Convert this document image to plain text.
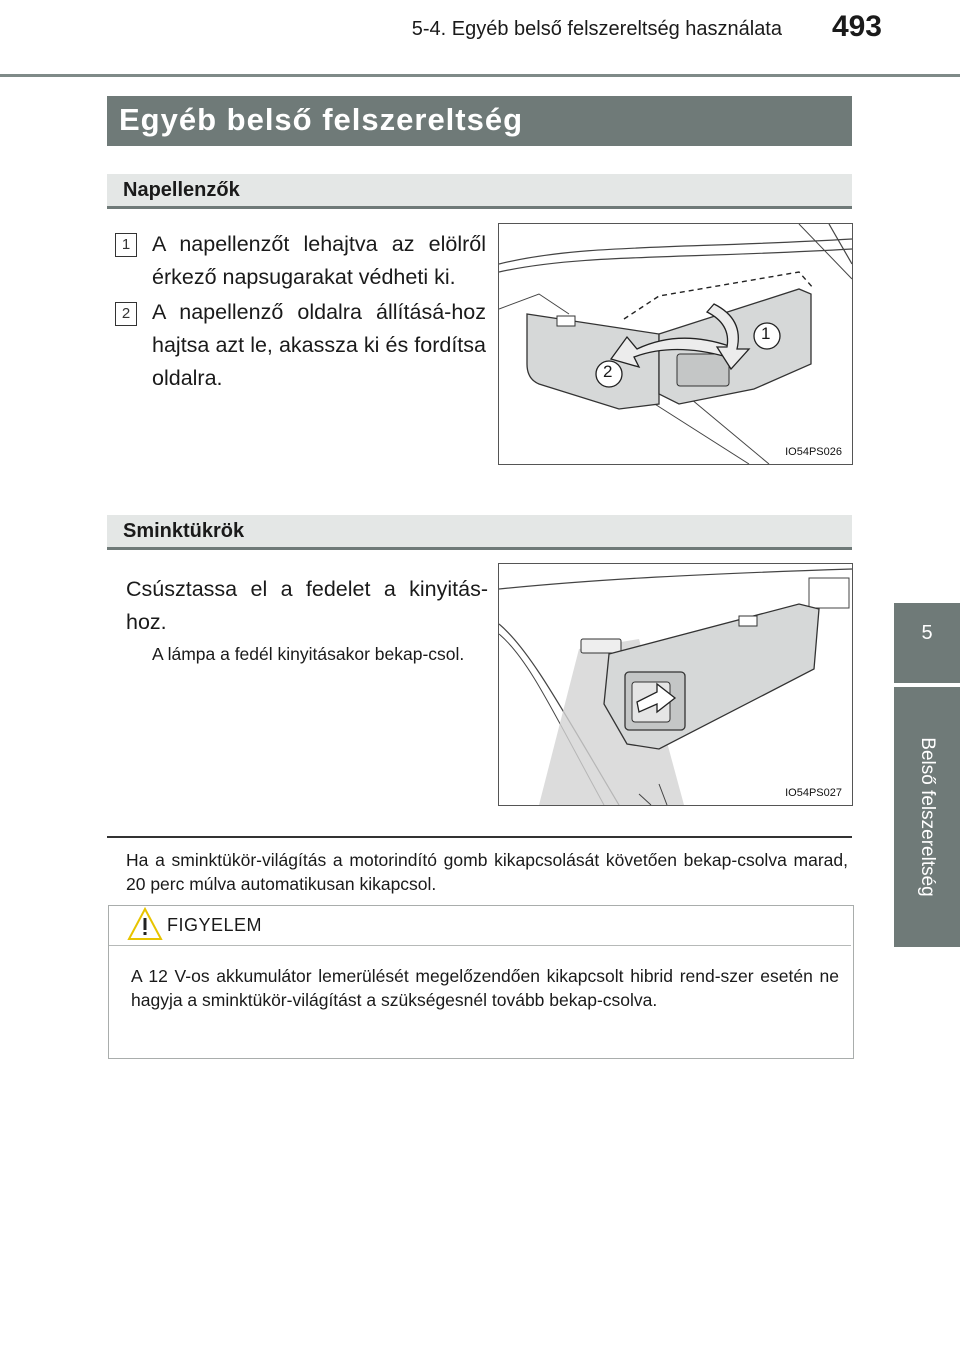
5-4. Egyéb belső felszereltség használata 493
5
Belső felszereltség
Egyéb belső felszereltség
Napellenzők
1	A napellenzőt lehajtva az elölről érkező napsugarakat védheti ki.
2	A napellenző oldalra állításá-hoz hajtsa azt le, akassza ki és fordítsa oldalra.
1
2
IO54PS026
Sminktükrök
Csúsztassa el a fedelet a kinyitás-hoz.
A lámpa a fedél kinyitásakor bekap-csol.
IO54PS027
Ha a sminktükör-világítás a motorindító gomb kikapcsolását követően bekap-csolva marad, 20 perc múlva automatikusan kikapcsol.
FIGYELEM
A 12 V-os akkumulátor lemerülését megelőzendően kikapcsolt hibrid rend-szer esetén ne hagyja a sminktükör-világítást a szükségesnél tovább bekap-csolva.
